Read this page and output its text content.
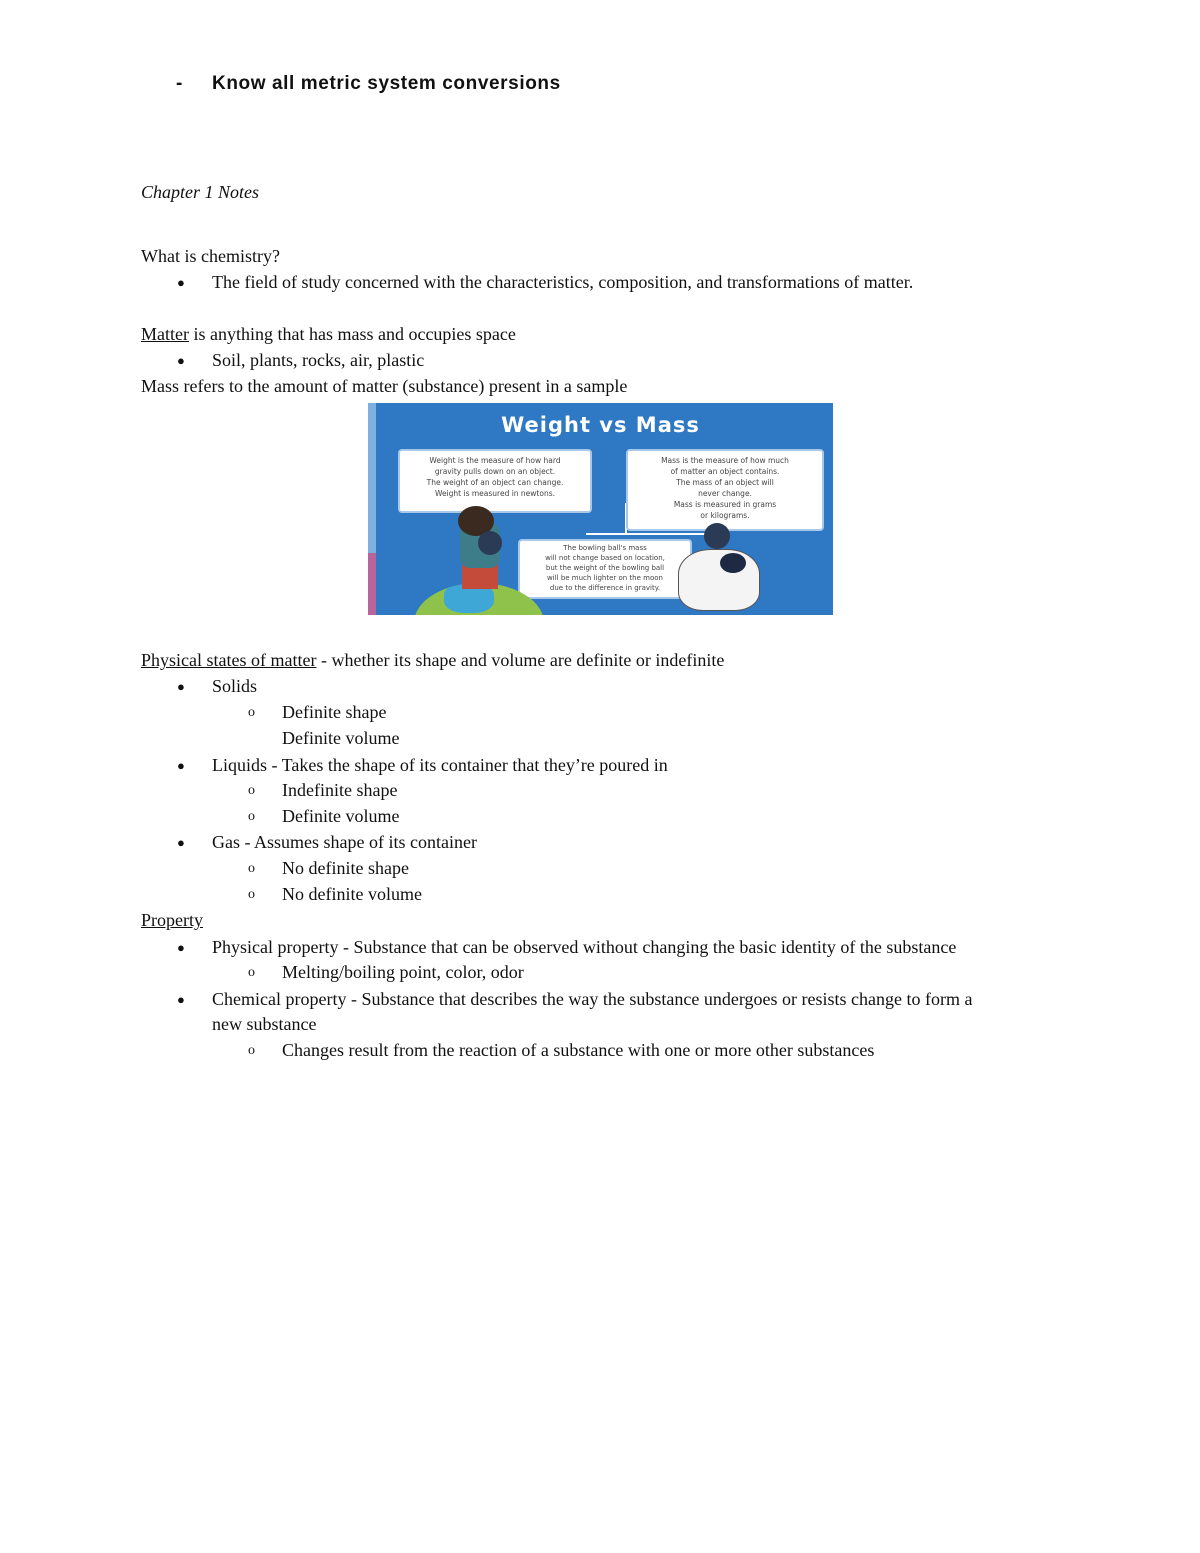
- Know all metric system conversions
Chapter 1 Notes
What is chemistry?
● The field of study concerned with the characteristics, composition, and transformations of matter.
Matter is anything that has mass and occupies space
● Soil, plants, rocks, air, plastic
Mass refers to the amount of matter (substance) present in a sample
Weight vs Mass
Weight is the measure of how hard
gravity pulls down on an object.
The weight of an object can change.
Weight is measured in newtons.
Mass is the measure of how much
of matter an object contains.
The mass of an object will
never change.
Mass is measured in grams
or kilograms.
The bowling ball's mass
will not change based on location,
but the weight of the bowling ball
will be much lighter on the moon
due to the difference in gravity.
Physical states of matter - whether its shape and volume are definite or indefinite
● Solids
o Definite shape
Definite volume
● Liquids - Takes the shape of its container that they’re poured in
o Indefinite shape
o Definite volume
● Gas - Assumes shape of its container
o No definite shape
o No definite volume
Property
● Physical property - Substance that can be observed without changing the basic identity of the substance
o Melting/boiling point, color, odor
● Chemical property - Substance that describes the way the substance undergoes or resists change to form a
new substance
o Changes result from the reaction of a substance with one or more other substances
